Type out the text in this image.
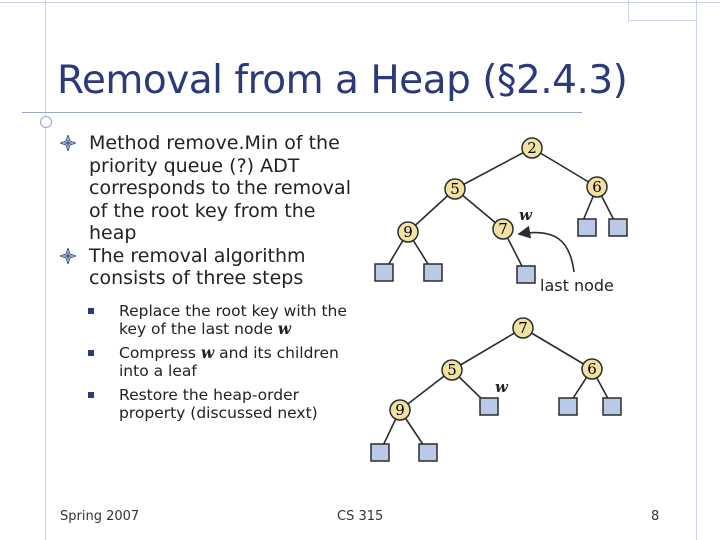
Removal from a Heap (§2.4.3)
Method remove.Min of the priority queue (?) ADT corresponds to the removal of the root key from the heap
The removal algorithm consists of three steps
Replace the root key with the key of the last node w
Compress w and its children into a leaf
Restore the heap-order property (discussed next)
2
5	6
9	7
w
last node
7
5	6
9
w
Spring 2007	CS 315	8
